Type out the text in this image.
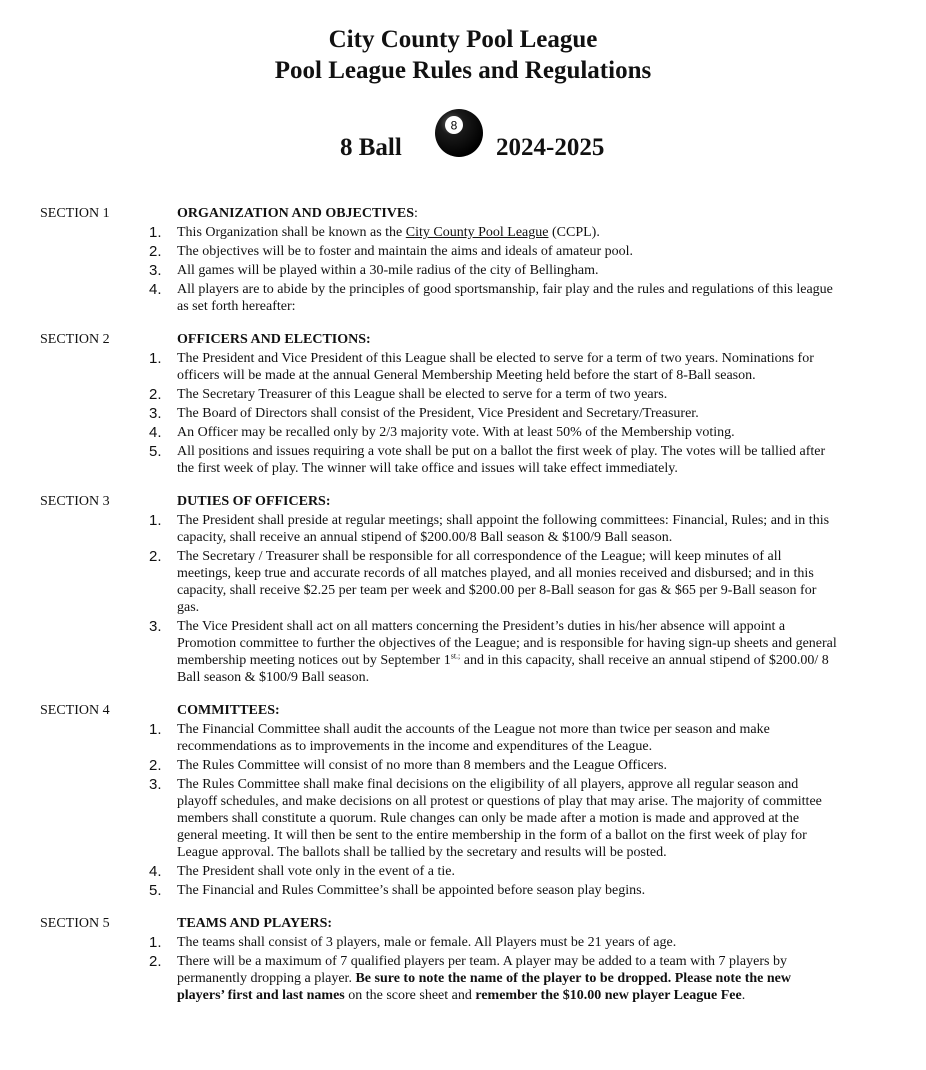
City County Pool League
Pool League Rules and Regulations
8 Ball
8
2024-2025
SECTION 1	ORGANIZATION AND OBJECTIVES:
1. This Organization shall be known as the City County Pool League (CCPL).
2. The objectives will be to foster and maintain the aims and ideals of amateur pool.
3. All games will be played within a 30-mile radius of the city of Bellingham.
4. All players are to abide by the principles of good sportsmanship, fair play and the rules and regulations of this league as set forth hereafter:
SECTION 2	OFFICERS AND ELECTIONS:
1. The President and Vice President of this League shall be elected to serve for a term of two years. Nominations for officers will be made at the annual General Membership Meeting held before the start of 8-Ball season.
2. The Secretary Treasurer of this League shall be elected to serve for a term of two years.
3. The Board of Directors shall consist of the President, Vice President and Secretary/Treasurer.
4. An Officer may be recalled only by 2/3 majority vote. With at least 50% of the Membership voting.
5. All positions and issues requiring a vote shall be put on a ballot the first week of play. The votes will be tallied after the first week of play. The winner will take office and issues will take effect immediately.
SECTION 3	DUTIES OF OFFICERS:
1. The President shall preside at regular meetings; shall appoint the following committees: Financial, Rules; and in this capacity, shall receive an annual stipend of $200.00/8 Ball season & $100/9 Ball season.
2. The Secretary / Treasurer shall be responsible for all correspondence of the League; will keep minutes of all meetings, keep true and accurate records of all matches played, and all monies received and disbursed; and in this capacity, shall receive $2.25 per team per week and $200.00 per 8-Ball season for gas & $65 per 9-Ball season for gas.
3. The Vice President shall act on all matters concerning the President’s duties in his/her absence will appoint a Promotion committee to further the objectives of the League; and is responsible for having sign-up sheets and general membership meeting notices out by September $1^{st.;}$ and in this capacity, shall receive an annual stipend of $200.00/ 8 Ball season & $100/9 Ball season.
SECTION 4	COMMITTEES:
1. The Financial Committee shall audit the accounts of the League not more than twice per season and make recommendations as to improvements in the income and expenditures of the League.
2. The Rules Committee will consist of no more than 8 members and the League Officers.
3. The Rules Committee shall make final decisions on the eligibility of all players, approve all regular season and playoff schedules, and make decisions on all protest or questions of play that may arise. The majority of committee members shall constitute a quorum. Rule changes can only be made after a motion is made and approved at the general meeting. It will then be sent to the entire membership in the form of a ballot on the first week of play for League approval. The ballots shall be tallied by the secretary and results will be posted.
4. The President shall vote only in the event of a tie.
5. The Financial and Rules Committee’s shall be appointed before season play begins.
SECTION 5	TEAMS AND PLAYERS:
1. The teams shall consist of 3 players, male or female. All Players must be 21 years of age.
2. There will be a maximum of 7 qualified players per team. A player may be added to a team with 7 players by permanently dropping a player. Be sure to note the name of the player to be dropped. Please note the new players’ first and last names on the score sheet and remember the $10.00 new player League Fee.
